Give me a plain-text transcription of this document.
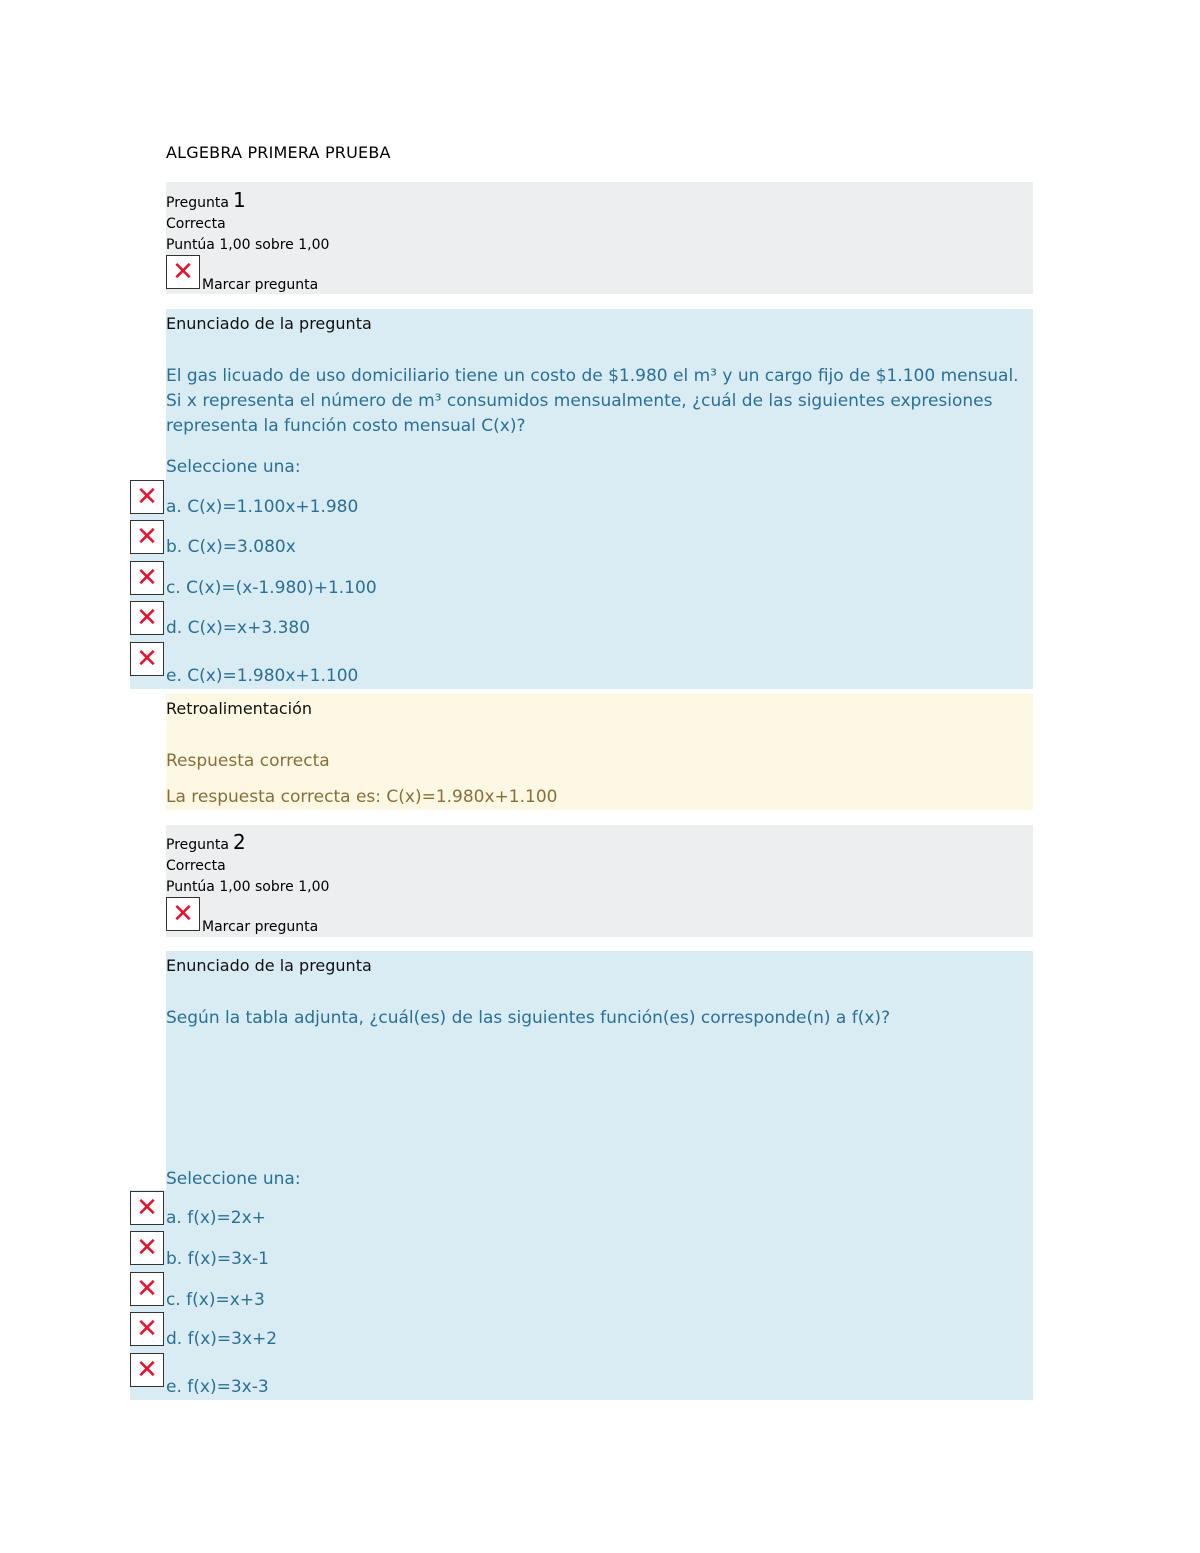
ALGEBRA PRIMERA PRUEBA
Pregunta 1
Correcta
Puntúa 1,00 sobre 1,00
✕ Marcar pregunta
Enunciado de la pregunta
El gas licuado de uso domiciliario tiene un costo de $1.980 el m³ y un cargo fijo de $1.100 mensual.
Si x representa el número de m³ consumidos mensualmente, ¿cuál de las siguientes expresiones
representa la función costo mensual C(x)?
Seleccione una:
✕ a. C(x)=1.100x+1.980
✕ b. C(x)=3.080x
✕ c. C(x)=(x-1.980)+1.100
✕ d. C(x)=x+3.380
✕
e. C(x)=1.980x+1.100
Retroalimentación
Respuesta correcta
La respuesta correcta es: C(x)=1.980x+1.100
Pregunta 2
Correcta
Puntúa 1,00 sobre 1,00
✕ Marcar pregunta
Enunciado de la pregunta
Según la tabla adjunta, ¿cuál(es) de las siguientes función(es) corresponde(n) a f(x)?
Seleccione una:
✕ a. f(x)=2x+
✕ b. f(x)=3x-1
✕ c. f(x)=x+3
✕ d. f(x)=3x+2
✕
e. f(x)=3x-3
